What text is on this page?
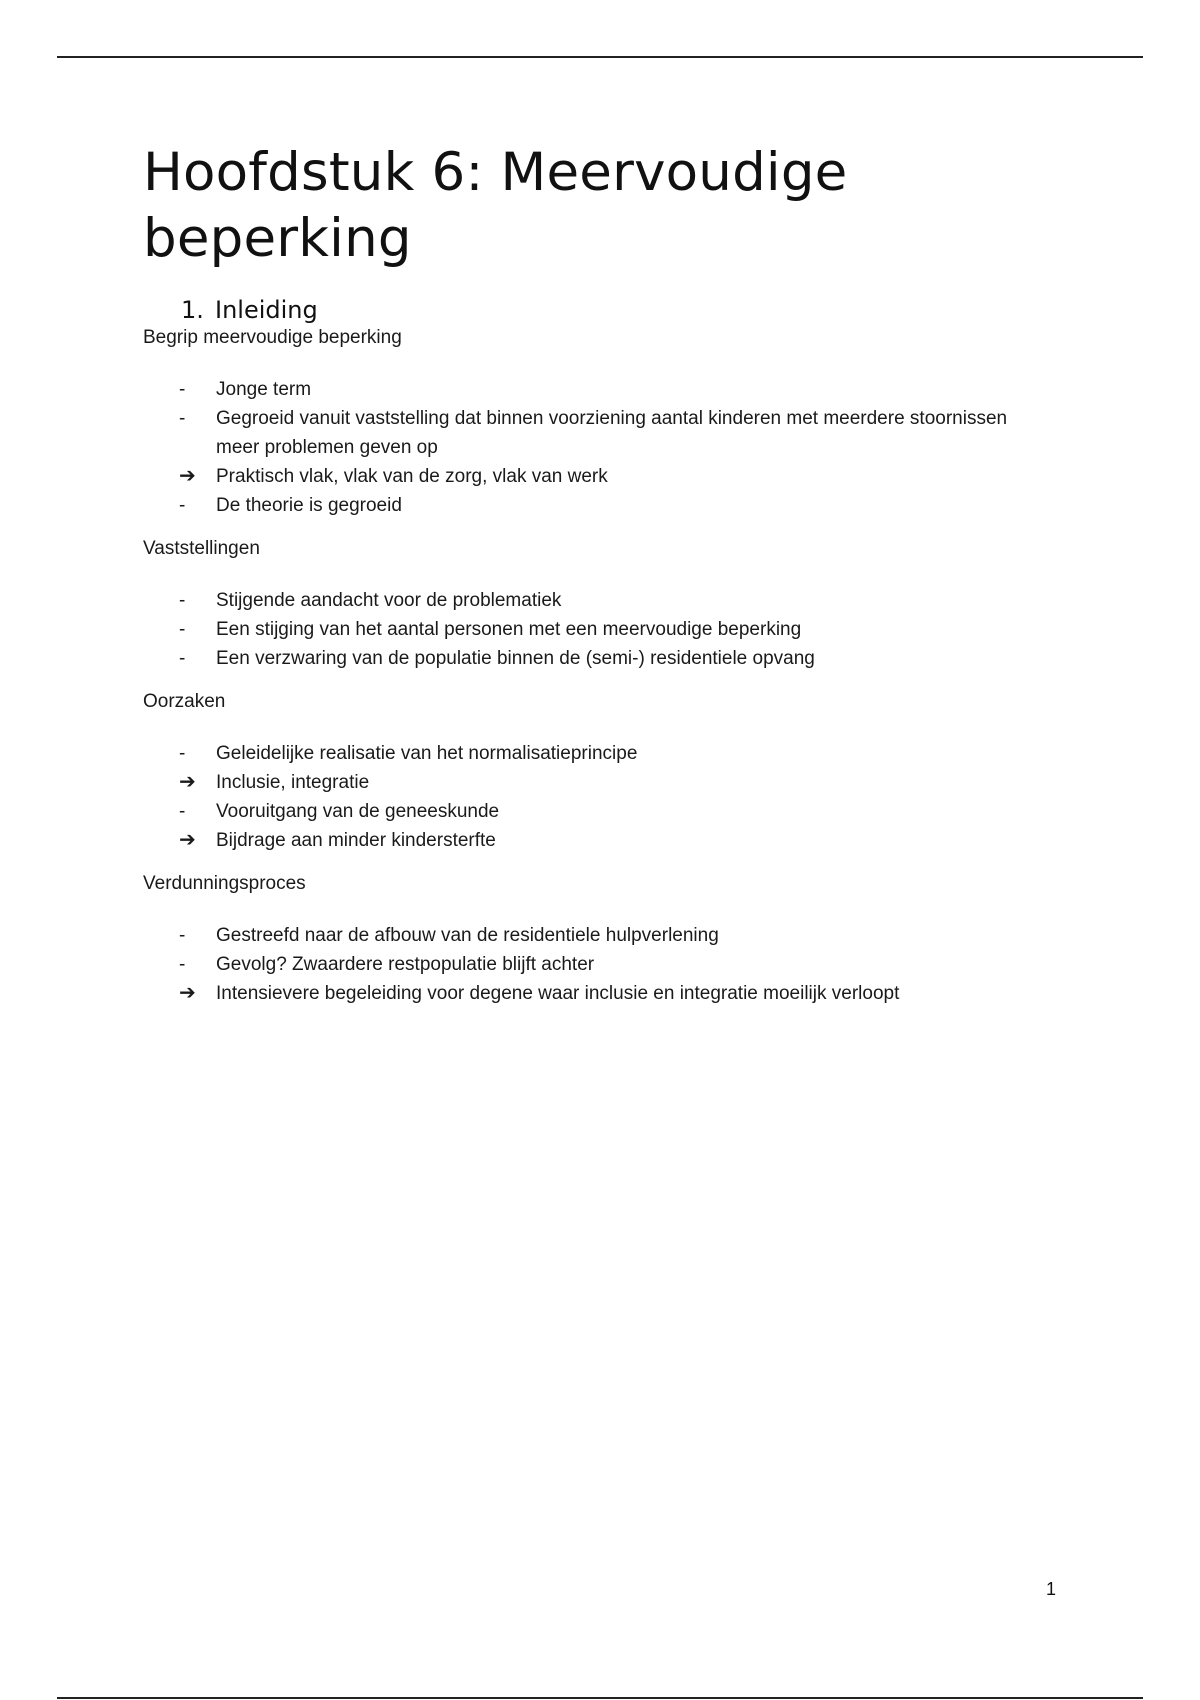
Hoofdstuk 6: Meervoudige beperking
1. Inleiding

Begrip meervoudige beperking

-	Jonge term
-	Gegroeid vanuit vaststelling dat binnen voorziening aantal kinderen met meerdere stoornissen meer problemen geven op
➔	Praktisch vlak, vlak van de zorg, vlak van werk
-	De theorie is gegroeid

Vaststellingen

-	Stijgende aandacht voor de problematiek
-	Een stijging van het aantal personen met een meervoudige beperking
-	Een verzwaring van de populatie binnen de (semi-) residentiele opvang

Oorzaken

-	Geleidelijke realisatie van het normalisatieprincipe
➔	Inclusie, integratie
-	Vooruitgang van de geneeskunde
➔	Bijdrage aan minder kindersterfte

Verdunningsproces

-	Gestreefd naar de afbouw van de residentiele hulpverlening
-	Gevolg? Zwaardere restpopulatie blijft achter
➔	Intensievere begeleiding voor degene waar inclusie en integratie moeilijk verloopt
1
